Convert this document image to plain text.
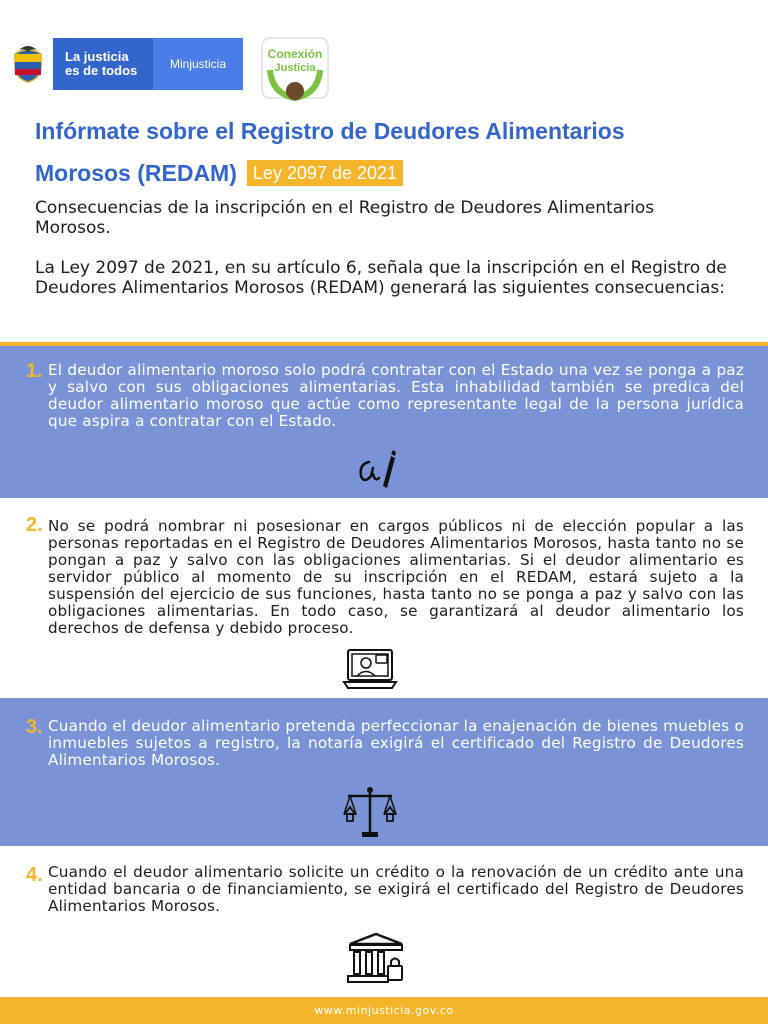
La justicia
es de todos	Minjusticia
Conexión
Justicia
Infórmate sobre el Registro de Deudores Alimentarios
Morosos (REDAM) Ley 2097 de 2021

Consecuencias de la inscripción en el Registro de Deudores Alimentarios Morosos.

La Ley 2097 de 2021, en su artículo 6, señala que la inscripción en el Registro de Deudores Alimentarios Morosos (REDAM) generará las siguientes consecuencias:

1. El deudor alimentario moroso solo podrá contratar con el Estado una vez se ponga a paz y salvo con sus obligaciones alimentarias. Esta inhabilidad también se predica del deudor alimentario moroso que actúe como representante legal de la persona jurídica que aspira a contratar con el Estado.
2. No se podrá nombrar ni posesionar en cargos públicos ni de elección popular a las personas reportadas en el Registro de Deudores Alimentarios Morosos, hasta tanto no se pongan a paz y salvo con las obligaciones alimentarias. Si el deudor alimentario es servidor público al momento de su inscripción en el REDAM, estará sujeto a la suspensión del ejercicio de sus funciones, hasta tanto no se ponga a paz y salvo con las obligaciones alimentarias. En todo caso, se garantizará al deudor alimentario los derechos de defensa y debido proceso.
3. Cuando el deudor alimentario pretenda perfeccionar la enajenación de bienes muebles o inmuebles sujetos a registro, la notaría exigirá el certificado del Registro de Deudores Alimentarios Morosos.
4. Cuando el deudor alimentario solicite un crédito o la renovación de un crédito ante una entidad bancaria o de financiamiento, se exigirá el certificado del Registro de Deudores Alimentarios Morosos.
www.minjusticia.gov.co
